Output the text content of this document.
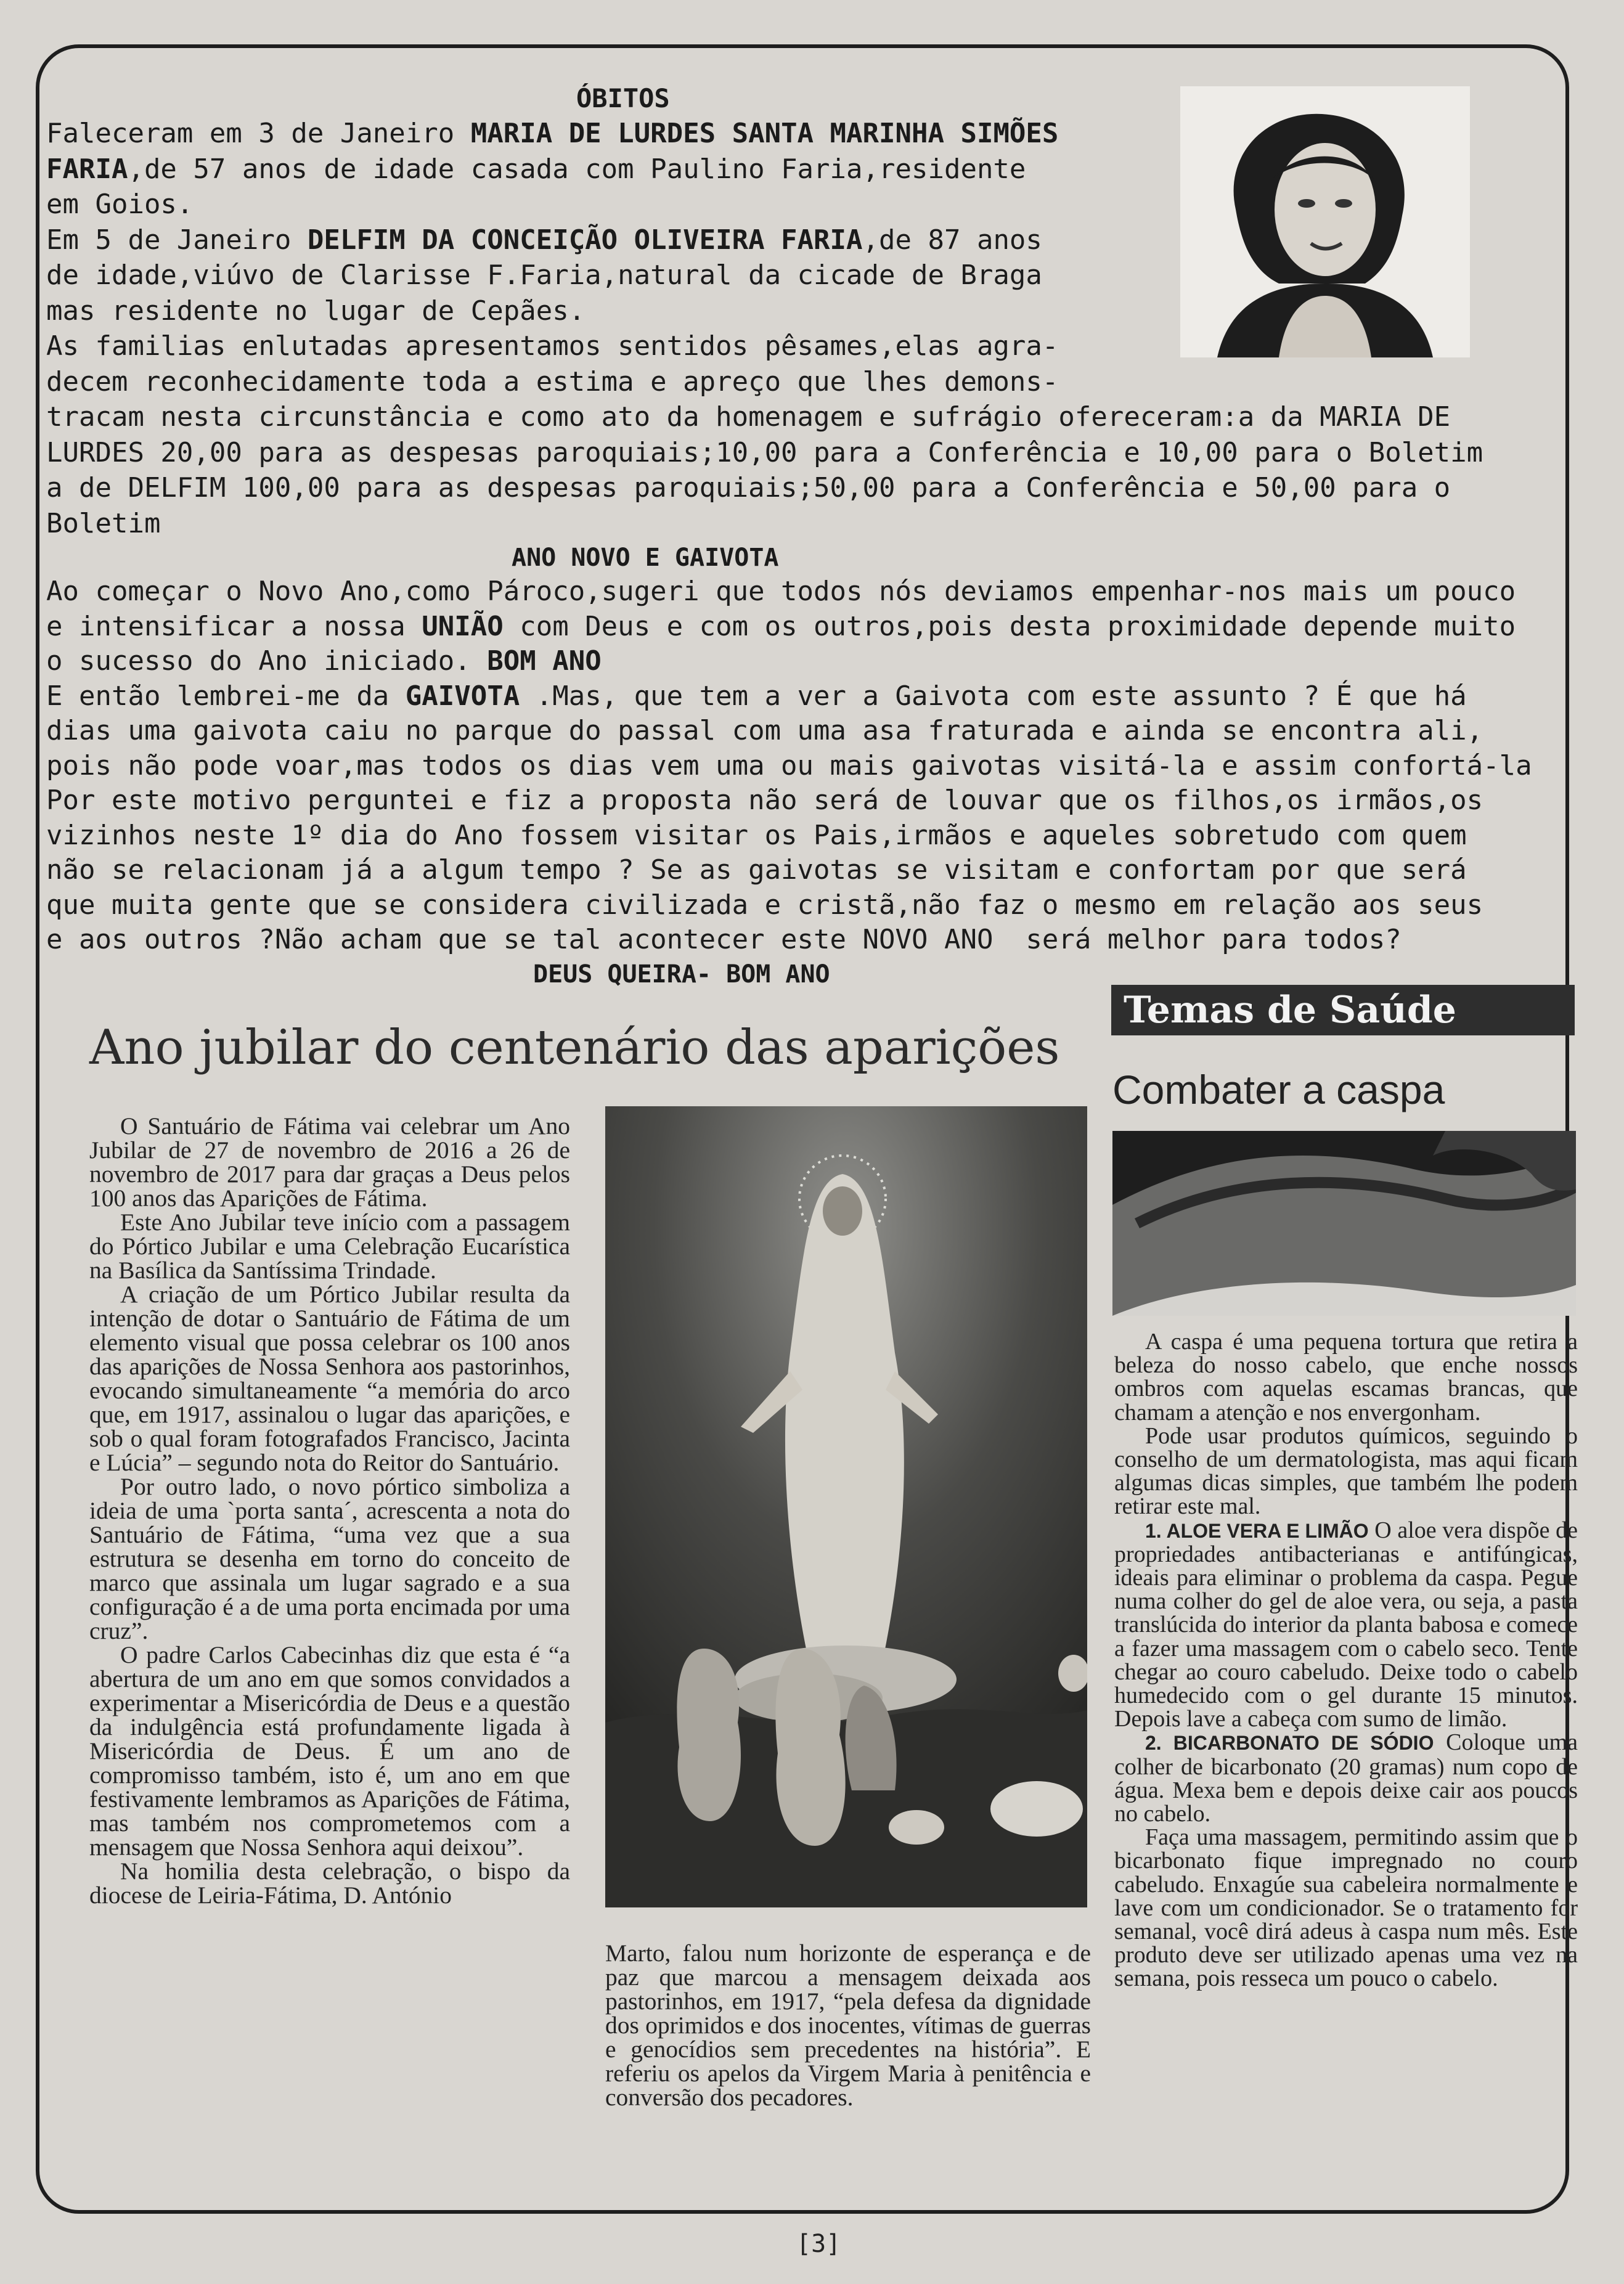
ÓBITOS
Faleceram em 3 de Janeiro MARIA DE LURDES SANTA MARINHA SIMÕES
FARIA,de 57 anos de idade casada com Paulino Faria,residente
em Goios.
Em 5 de Janeiro DELFIM DA CONCEIÇÃO OLIVEIRA FARIA,de 87 anos
de idade,viúvo de Clarisse F.Faria,natural da cicade de Braga
mas residente no lugar de Cepães.
As familias enlutadas apresentamos sentidos pêsames,elas agra-
decem reconhecidamente toda a estima e apreço que lhes demons-
tracam nesta circunstância e como ato da homenagem e sufrágio ofereceram:a da MARIA DE
LURDES 20,00 para as despesas paroquiais;10,00 para a Conferência e 10,00 para o Boletim
a de DELFIM 100,00 para as despesas paroquiais;50,00 para a Conferência e 50,00 para o
Boletim
ANO NOVO E GAIVOTA
Ao começar o Novo Ano,como Pároco,sugeri que todos nós deviamos empenhar-nos mais um pouco
e intensificar a nossa UNIÃO com Deus e com os outros,pois desta proximidade depende muito
o sucesso do Ano iniciado. BOM ANO
E então lembrei-me da GAIVOTA .Mas, que tem a ver a Gaivota com este assunto ? É que há
dias uma gaivota caiu no parque do passal com uma asa fraturada e ainda se encontra ali,
pois não pode voar,mas todos os dias vem uma ou mais gaivotas visitá-la e assim confortá-la
Por este motivo perguntei e fiz a proposta não será de louvar que os filhos,os irmãos,os
vizinhos neste 1º dia do Ano fossem visitar os Pais,irmãos e aqueles sobretudo com quem
não se relacionam já a algum tempo ? Se as gaivotas se visitam e confortam por que será
que muita gente que se considera civilizada e cristã,não faz o mesmo em relação aos seus
e aos outros ?Não acham que se tal acontecer este NOVO ANO  será melhor para todos?
DEUS QUEIRA- BOM ANO
Ano jubilar do centenário das aparições

O Santuário de Fátima vai celebrar um Ano Jubilar de 27 de novembro de 2016 a 26 de novembro de 2017 para dar graças a Deus pelos 100 anos das Aparições de Fátima.

Este Ano Jubilar teve início com a passagem do Pórtico Jubilar e uma Celebração Eucarística na Basílica da Santíssima Trindade.

A criação de um Pórtico Jubilar resulta da intenção de dotar o Santuário de Fátima de um elemento visual que possa celebrar os 100 anos das aparições de Nossa Senhora aos pastorinhos, evocando simultaneamente “a memória do arco que, em 1917, assinalou o lugar das aparições, e sob o qual foram fotografados Francisco, Jacinta e Lúcia” – segundo nota do Reitor do Santuário.

Por outro lado, o novo pórtico simboliza a ideia de uma `porta santa´, acrescenta a nota do Santuário de Fátima, “uma vez que a sua estrutura se desenha em torno do conceito de marco que assinala um lugar sagrado e a sua configuração é a de uma porta encimada por uma cruz”.

O padre Carlos Cabecinhas diz que esta é “a abertura de um ano em que somos convidados a experimentar a Misericórdia de Deus e a questão da indulgência está profundamente ligada à Misericórdia de Deus. É um ano de compromisso também, isto é, um ano em que festivamente lembramos as Aparições de Fátima, mas também nos comprometemos com a mensagem que Nossa Senhora aqui deixou”.

Na homilia desta celebração, o bispo da diocese de Leiria-Fátima, D. António

Marto, falou num horizonte de esperança e de paz que marcou a mensagem deixada aos pastorinhos, em 1917, “pela defesa da dignidade dos oprimidos e dos inocentes, vítimas de guerras e genocídios sem precedentes na história”. E referiu os apelos da Virgem Maria à penitência e conversão dos pecadores.

Temas de Saúde
Combater a caspa

A caspa é uma pequena tortura que retira a beleza do nosso cabelo, que enche nossos ombros com aquelas escamas brancas, que chamam a atenção e nos envergonham.

Pode usar produtos químicos, seguindo o conselho de um dermatologista, mas aqui ficam algumas dicas simples, que também lhe podem retirar este mal.

1. ALOE VERA E LIMÃO O aloe vera dispõe de propriedades antibacterianas e antifúngicas, ideais para eliminar o problema da caspa. Pegue numa colher do gel de aloe vera, ou seja, a pasta translúcida do interior da planta babosa e comece a fazer uma massagem com o cabelo seco. Tente chegar ao couro cabeludo. Deixe todo o cabelo humedecido com o gel durante 15 minutos. Depois lave a cabeça com sumo de limão.

2. BICARBONATO DE SÓDIO Coloque uma colher de bicarbonato (20 gramas) num copo de água. Mexa bem e depois deixe cair aos poucos no cabelo.

Faça uma massagem, permitindo assim que o bicarbonato fique impregnado no couro cabeludo. Enxagúe sua cabeleira normalmente e lave com um condicionador. Se o tratamento for semanal, você dirá adeus à caspa num mês. Este produto deve ser utilizado apenas uma vez na semana, pois resseca um pouco o cabelo.

[3]
